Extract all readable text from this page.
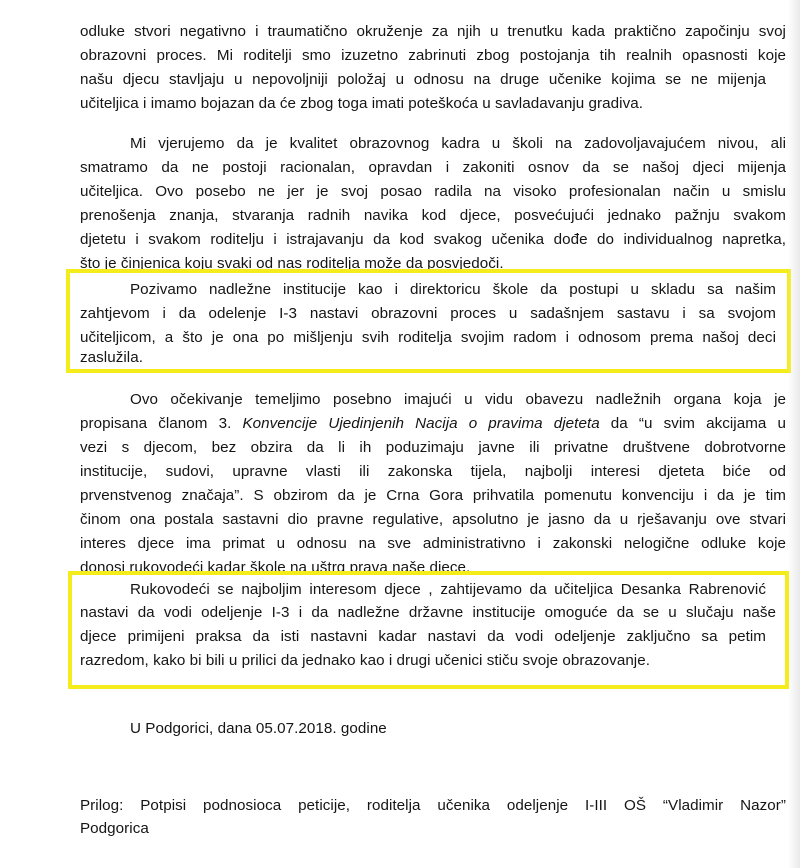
odluke stvori negativno i traumatično okruženje za njih u trenutku kada praktično započinju svoj
obrazovni proces. Mi roditelji smo izuzetno zabrinuti zbog postojanja tih realnih opasnosti koje
našu djecu stavljaju u nepovoljniji položaj u odnosu na druge učenike kojima se ne mijenja
učiteljica i imamo bojazan da će zbog toga imati poteškoća u savladavanju gradiva.
Mi vjerujemo da je kvalitet obrazovnog kadra u školi na zadovoljavajućem nivou, ali
smatramo da ne postoji racionalan, opravdan i zakoniti osnov da se našoj djeci mijenja
učiteljica. Ovo posebo ne jer je svoj posao radila na visoko profesionalan način u smislu
prenošenja znanja, stvaranja radnih navika kod djece, posvećujući jednako pažnju svakom
djetetu i svakom roditelju i istrajavanju da kod svakog učenika dođe do individualnog napretka,
što je činjenica koju svaki od nas roditelja može da posvjedoči.
Pozivamo nadležne institucije kao i direktoricu škole da postupi u skladu sa našim
zahtjevom i da odelenje I-3 nastavi obrazovni proces u sadašnjem sastavu i sa svojom
učiteljicom, a što je ona po mišljenju svih roditelja svojim radom i odnosom prema našoj deci
zaslužila.
Ovo očekivanje temeljimo posebno imajući u vidu obavezu nadležnih organa koja je
propisana članom 3. Konvencije Ujedinjenih Nacija o pravima djeteta da “u svim akcijama u
vezi s djecom, bez obzira da li ih poduzimaju javne ili privatne društvene dobrotvorne
institucije, sudovi, upravne vlasti ili zakonska tijela, najbolji interesi djeteta biće od
prvenstvenog značaja”. S obzirom da je Crna Gora prihvatila pomenutu konvenciju i da je tim
činom ona postala sastavni dio pravne regulative, apsolutno je jasno da u rješavanju ove stvari
interes djece ima primat u odnosu na sve administrativno i zakonski nelogične odluke koje
donosi rukovodeći kadar škole na uštrg prava naše djece.
Rukovodeći se najboljim interesom djece , zahtijevamo da učiteljica Desanka Rabrenović
nastavi da vodi odeljenje I-3 i da nadležne državne institucije omoguće da se u slučaju naše
djece primijeni praksa da isti nastavni kadar nastavi da vodi odeljenje zaključno sa petim
razredom, kako bi bili u prilici da jednako kao i drugi učenici stiču svoje obrazovanje.
U Podgorici, dana 05.07.2018. godine
Prilog: Potpisi podnosioca peticije, roditelja učenika odeljenje I-III OŠ “Vladimir Nazor”
Podgorica
